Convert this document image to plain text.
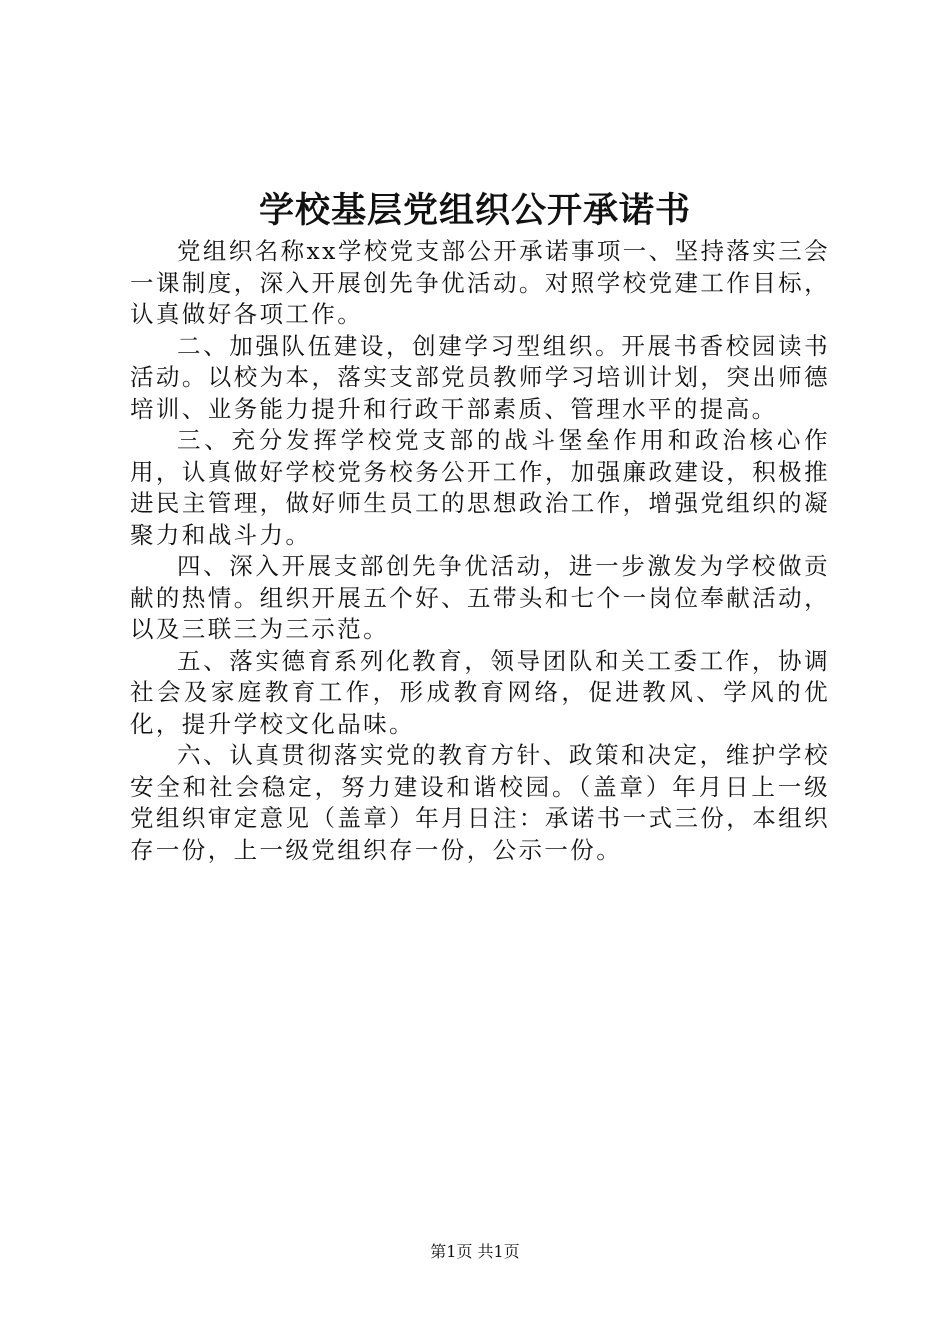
学校基层党组织公开承诺书

党组织名称xx学校党支部公开承诺事项一、坚持落实三会一课制度，深入开展创先争优活动。对照学校党建工作目标，认真做好各项工作。

二、加强队伍建设，创建学习型组织。开展书香校园读书活动。以校为本，落实支部党员教师学习培训计划，突出师德培训、业务能力提升和行政干部素质、管理水平的提高。

三、充分发挥学校党支部的战斗堡垒作用和政治核心作用，认真做好学校党务校务公开工作，加强廉政建设，积极推进民主管理，做好师生员工的思想政治工作，增强党组织的凝聚力和战斗力。

四、深入开展支部创先争优活动，进一步激发为学校做贡献的热情。组织开展五个好、五带头和七个一岗位奉献活动，以及三联三为三示范。

五、落实德育系列化教育，领导团队和关工委工作，协调社会及家庭教育工作，形成教育网络，促进教风、学风的优化，提升学校文化品味。

六、认真贯彻落实党的教育方针、政策和决定，维护学校安全和社会稳定，努力建设和谐校园。（盖章）年月日上一级党组织审定意见（盖章）年月日注：承诺书一式三份，本组织存一份，上一级党组织存一份，公示一份。

第1页 共1页
